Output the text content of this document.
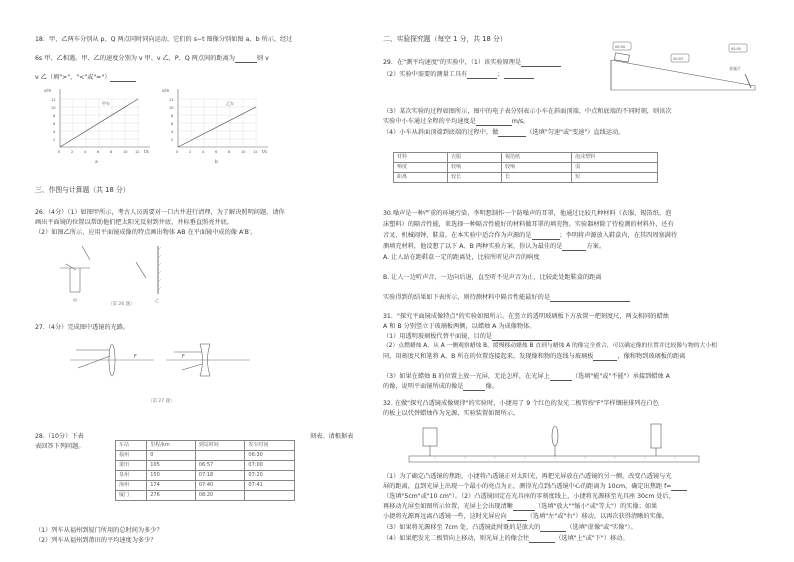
18．甲、乙两车分别从 p、Q 两点同时同向运动，它们的 s−t 图像分别如图 a、b 所示，经过
6s 甲、乙相遇。甲、乙的速度分别为 v 甲、v 乙，P、Q 两点间的距离为	则 v
v 乙（填">"、"<"或"="）
甲车
s/m
t/s
12
10
8
6
4
2
0	2	4	6	8	10 12
a
乙车
s/m
t/s
12
10
8
6
4
2
0	2	4	6	8	10 12
b
三、作图与计算题（共 18 分）
26.（4分）（1）如图甲所示，考古人员需要对一口古井进行清理，为了解决照明问题，请你
画出平面镜的位置以帮助他们把太阳光反射到井底，并标垂直照亮井底。
（2）如图乙所示，应用平面镜成像的特点画出物体 AB 在平面镜中成的像 A′B′。
甲	乙
（第 26 题）
27.（4分）完成图中透镜的光路。
F	F
（第 27 题）
28.（10分）下表	刻表。请根据表
表回答下列问题。	车站	里程/km	到站时间	发车时间
福州	0		06:30
莆田	105	06:57	07:00
泉州	150	07:18	07:20
漳州	174	07:40	07:41
厦门	276	08:20	
（1）列车从福州到厦门所用的总时间为多少？
（2）列车从福州到莆田的平均速度为多少？
二、实验探究题（每空 1 分，共 18 分）
29．在"测平均速度"的实验中，（1）该实验原理是
（2）实验中需要的测量工具有	；
金属片
00:00
00:03
00:05
（3）某次实验的过程如图所示，图中的电子表分别表示小车在斜面顶端、中点和底端的不同时刻，则该次
实验中小车通过全程的平均速度是	m/s。
（4）小车从斜面顶端到底端的过程中，做	（选填"匀速"或"变速"）直线运动。
材料	衣服	锡箔纸	泡沫塑料
响度	较响	较响	弱
距离	较长	长	短
30.噪声是一种严重的环境污染，李明想制作一个防噪声的耳罩，他通过比较几种材料（衣服、锡箔纸、泡
沫塑料）的隔音性能，来选择一种隔音性能好的材料做耳罩的填充物。实验器材除了待检测的材料外，还有
音叉、机械闹钟、鞋盒。在本实验中适合作为声源的是	；李明将声源放入鞋盒内，在其四周塞满待
测填充材料，他设想了以下 A、B 两种实验方案，你认为最佳的是	方案。
A. 让人站在距鞋盒一定的距离处，比较所听见声音的响度
B. 让人一边听声音，一边向后退，直至听不见声音为止，比较此处距鞋盒的距离
实验得到的结果如下表所示，则待测材料中隔音性能最好的是
31．"探究平面镜成像特点"的实验如图所示。在竖立的透明玻璃板下方放置一把刻度尺，两支相同的蜡烛
A 和 B 分别竖立于玻璃板两侧，以蜡烛 A 为成像物体。
（1）用透明玻璃板代替平面镜，目的是
（2）点燃蜡烛 A，从 A 一侧观察蜡烛 B，缓慢移动蜡烛 B 直到与蜡烛 A 的像完全重合，可以确定像的位置并比较像与物的大小相
同，用刻度尺和笔将 A、B 所在的位置连接起来，发现像和物的连线与玻璃板	，像和物到玻璃板的距离
（3）如果在蜡烛 B 的位置上放一光屏，无论怎样，在光屏上	（选填"能"或"不能"）承接到蜡烛 A
的像，说明平面镜所成的像是	像。
32. 在做"探究凸透镜成像规律"的实验时，小捷用了 9 个红色的发光二极管按"F"字样镶嵌排列在白色
的板上以代替蜡烛作为光源，实验装置如图所示。
（1）为了确定凸透镜的焦距，小捷将凸透镜正对太阳光，再把光屏放在凸透镜的另一侧，改变凸透镜与光
屏的距离，直到光屏上出现一个最小的亮点为止，测得光点到凸透镜中心的距离为 10cm，确定出焦距 f=
（选填"5cm"或"10 cm"）。（2）凸透镜固定在光具座的零刻度线上，小捷将光源移至光具座 30cm 处后，
再移动光屏至如图所示位置，光屏上会出现清晰	（选填"放大""缩小"或"等大"）的实像；如果
小捷将光源再远离凸透镜一些，这时光屏应向	（选填"左"或"右"）移动，以再次获得清晰的实像。
（3）如果将光源移至 7cm 处，凸透镜此时既的是放大的	（选填"虚像"或"实像"）。
（4）如果把发光二极管向上移动，则光屏上的像会往	（选填"上"或"下"）移动。
